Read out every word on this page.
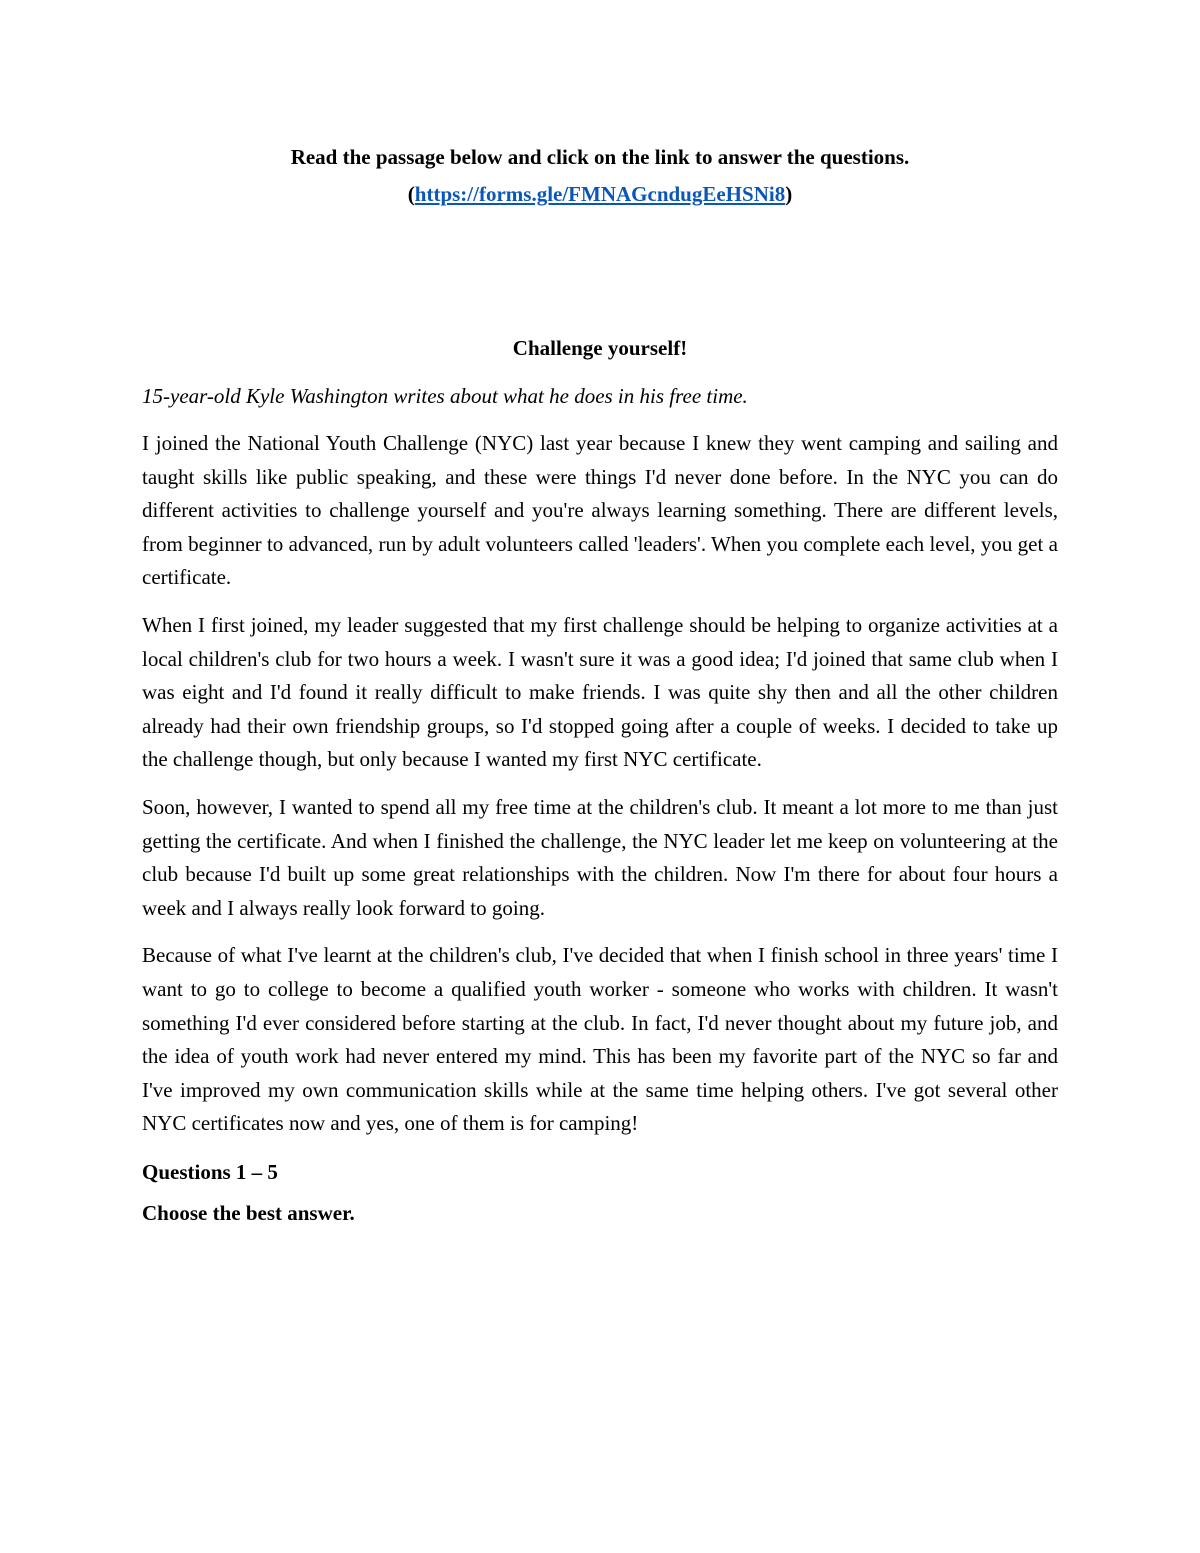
Read the passage below and click on the link to answer the questions.

(https://forms.gle/FMNAGcndugEeHSNi8)

Challenge yourself!

15-year-old Kyle Washington writes about what he does in his free time.

I joined the National Youth Challenge (NYC) last year because I knew they went camping and sailing and taught skills like public speaking, and these were things I'd never done before. In the NYC you can do different activities to challenge yourself and you're always learning something. There are different levels, from beginner to advanced, run by adult volunteers called 'leaders'. When you complete each level, you get a certificate.

When I first joined, my leader suggested that my first challenge should be helping to organize activities at a local children's club for two hours a week. I wasn't sure it was a good idea; I'd joined that same club when I was eight and I'd found it really difficult to make friends. I was quite shy then and all the other children already had their own friendship groups, so I'd stopped going after a couple of weeks. I decided to take up the challenge though, but only because I wanted my first NYC certificate.

Soon, however, I wanted to spend all my free time at the children's club. It meant a lot more to me than just getting the certificate. And when I finished the challenge, the NYC leader let me keep on volunteering at the club because I'd built up some great relationships with the children. Now I'm there for about four hours a week and I always really look forward to going.

Because of what I've learnt at the children's club, I've decided that when I finish school in three years' time I want to go to college to become a qualified youth worker - someone who works with children. It wasn't something I'd ever considered before starting at the club. In fact, I'd never thought about my future job, and the idea of youth work had never entered my mind. This has been my favorite part of the NYC so far and I've improved my own communication skills while at the same time helping others. I've got several other NYC certificates now and yes, one of them is for camping!

Questions 1 – 5

Choose the best answer.
